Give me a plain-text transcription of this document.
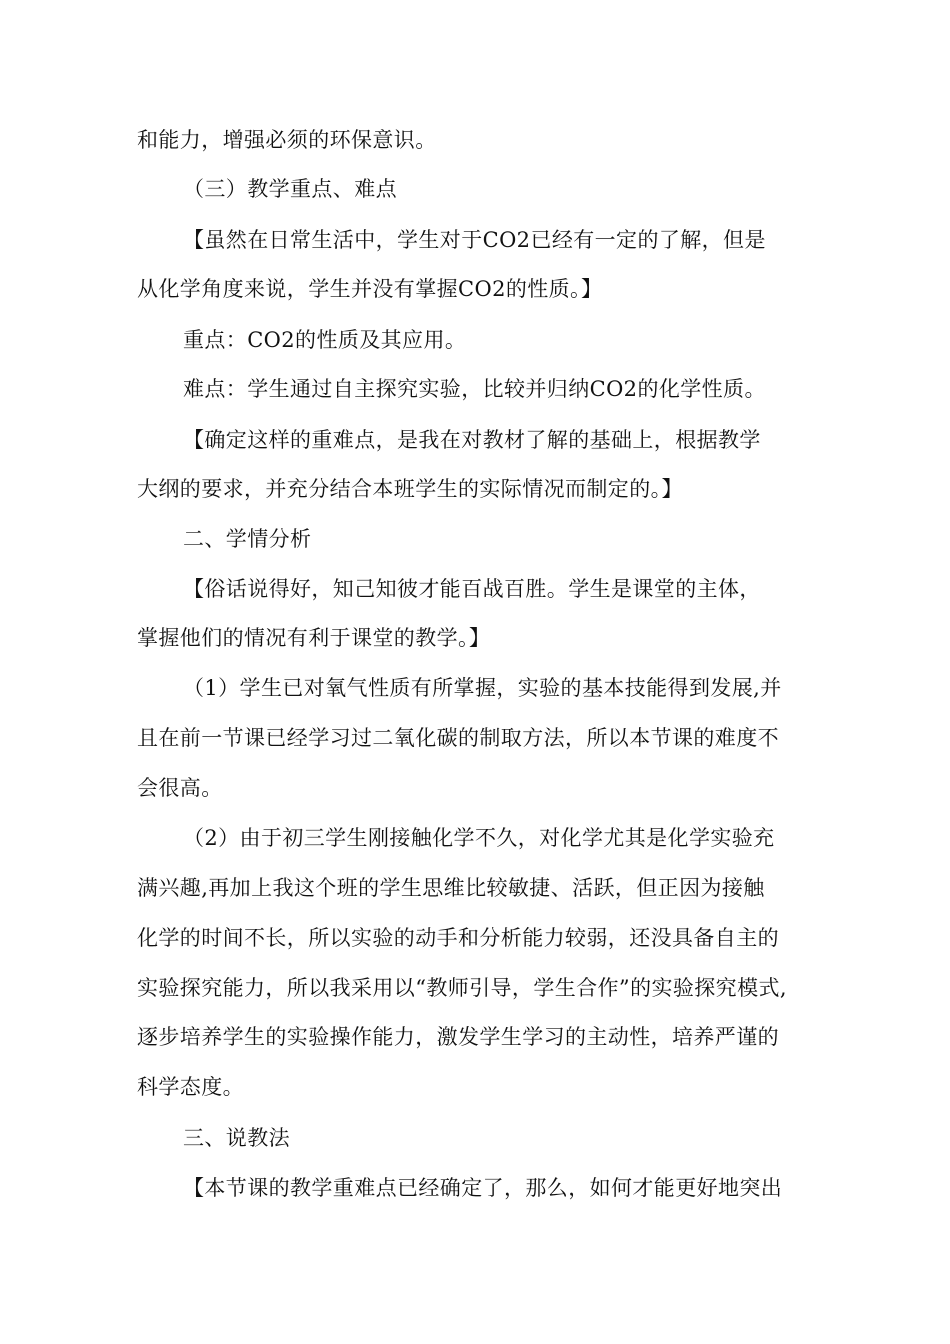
和能力，增强必须的环保意识。
（三）教学重点、难点
【虽然在日常生活中，学生对于CO2已经有一定的了解，但是
从化学角度来说，学生并没有掌握CO2的性质。】
重点：CO2的性质及其应用。
难点：学生通过自主探究实验，比较并归纳CO2的化学性质。
【确定这样的重难点，是我在对教材了解的基础上，根据教学
大纲的要求，并充分结合本班学生的实际情况而制定的。】
二、学情分析
【俗话说得好，知己知彼才能百战百胜。学生是课堂的主体，
掌握他们的情况有利于课堂的教学。】
（1）学生已对氧气性质有所掌握，实验的基本技能得到发展,并
且在前一节课已经学习过二氧化碳的制取方法，所以本节课的难度不
会很高。
（2）由于初三学生刚接触化学不久，对化学尤其是化学实验充
满兴趣,再加上我这个班的学生思维比较敏捷、活跃，但正因为接触
化学的时间不长，所以实验的动手和分析能力较弱，还没具备自主的
实验探究能力，所以我采用以“教师引导，学生合作”的实验探究模式,
逐步培养学生的实验操作能力，激发学生学习的主动性，培养严谨的
科学态度。
三、说教法
【本节课的教学重难点已经确定了，那么，如何才能更好地突出
